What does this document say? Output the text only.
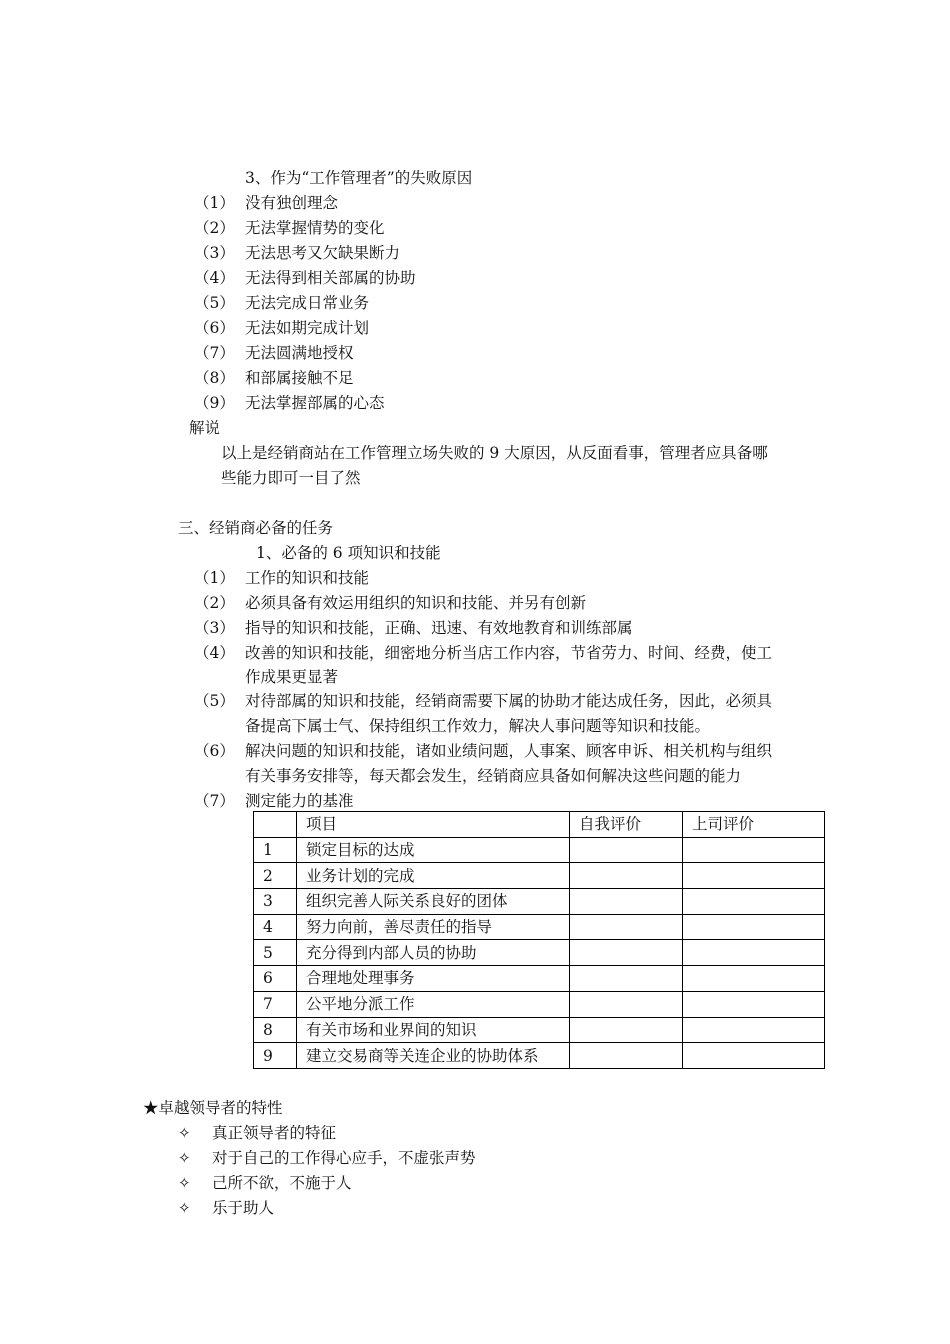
3、作为“工作管理者”的失败原因
（1） 没有独创理念
（2） 无法掌握情势的变化
（3） 无法思考又欠缺果断力
（4） 无法得到相关部属的协助
（5） 无法完成日常业务
（6） 无法如期完成计划
（7） 无法圆满地授权
（8） 和部属接触不足
（9） 无法掌握部属的心态
解说
以上是经销商站在工作管理立场失败的 9 大原因，从反面看事，管理者应具备哪
些能力即可一目了然
三、经销商必备的任务
1、必备的 6 项知识和技能
（1） 工作的知识和技能
（2） 必须具备有效运用组织的知识和技能、并另有创新
（3） 指导的知识和技能，正确、迅速、有效地教育和训练部属
（4） 改善的知识和技能，细密地分析当店工作内容，节省劳力、时间、经费，使工
作成果更显著
（5） 对待部属的知识和技能，经销商需要下属的协助才能达成任务，因此，必须具
备提高下属士气、保持组织工作效力，解决人事问题等知识和技能。
（6） 解决问题的知识和技能，诸如业绩问题，人事案、顾客申诉、相关机构与组织
有关事务安排等，每天都会发生，经销商应具备如何解决这些问题的能力
（7） 测定能力的基准
	项目	自我评价	上司评价
1	锁定目标的达成		
2	业务计划的完成		
3	组织完善人际关系良好的团体		
4	努力向前，善尽责任的指导		
5	充分得到内部人员的协助		
6	合理地处理事务		
7	公平地分派工作		
8	有关市场和业界间的知识		
9	建立交易商等关连企业的协助体系		
★卓越领导者的特性
✧ 真正领导者的特征
✧ 对于自己的工作得心应手，不虚张声势
✧ 己所不欲，不施于人
✧ 乐于助人
